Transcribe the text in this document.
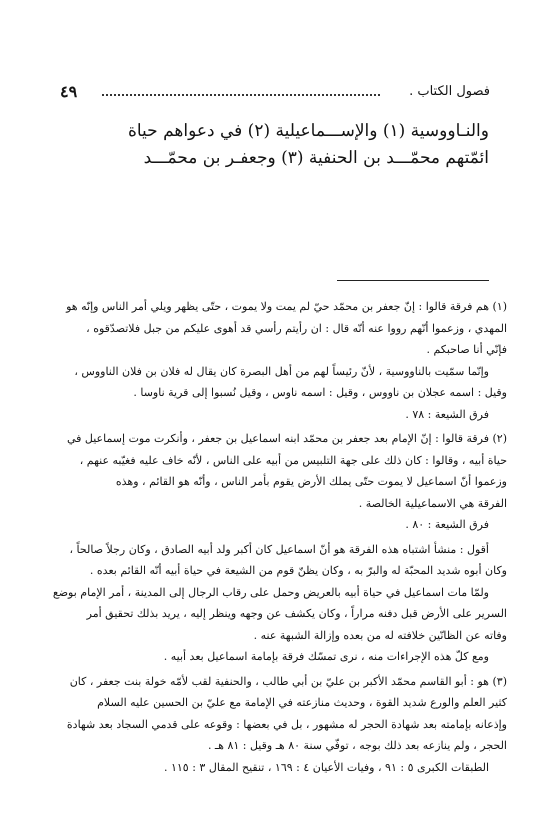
٤٩	فصول الكتاب .

والنـاووسية (١) والإســـماعيلية (٢) في دعواهم حياة

ائمّتهم محمّـــد بن الحنفية (٣) وجعفـر بن محمّـــد

(١) هم فرقة قالوا : إنّ جعفر بن محمّد حيّ لم يمت ولا يموت ، حتّى يظهر ويلي أمر الناس وإنّه هو

المهدي ، وزعموا أنّهم رووا عنه أنّه قال : ان رأيتم رأسي قد أهوى عليكم من جبل فلاتصدّقوه ،

فإنّي أنا صاحبكم .

وإنّما سمّيت بالناووسية ، لأنّ رئيساً لهم من أهل البصرة كان يقال له فلان بن فلان الناووس ،

وقيل : اسمه عجلان بن ناووس ، وقيل : اسمه ناوس ، وقيل نُسبوا إلى قرية ناوسا .

فرق الشيعة : ٧٨ .

(٢) فرقة قالوا : إنّ الإمام بعد جعفر بن محمّد ابنه اسماعيل بن جعفر ، وأنكرت موت إسماعيل في

حياة أبيه ، وقالوا : كان ذلك على جهة التلبيس من أبيه على الناس ، لأنّه خاف عليه فغيّبه عنهم ،

وزعموا أنّ اسماعيل لا يموت حتّى يملك الأرض يقوم بأمر الناس ، وأنّه هو القائم ، وهذه

الفرقة هي الاسماعيلية الخالصة .

فرق الشيعة : ٨٠ .

أقول : منشأ اشتباه هذه الفرقة هو أنّ اسماعيل كان أكبر ولد أبيه الصادق ، وكان رجلاً صالحاً ،

وكان أبوه شديد المحبّة له والبرّ به ، وكان يظنّ قوم من الشيعة في حياة أبيه أنّه القائم بعده .

ولمّا مات اسماعيل في حياة أبيه بالعريض وحمل على رقاب الرجال إلى المدينة ، أمر الإمام بوضع

السرير على الأرض قبل دفنه مراراً ، وكان يكشف عن وجهه وينظر إليه ، يريد بذلك تحقيق أمر

وفاته عن الظانّين خلافته له من بعده وإزالة الشبهة عنه .

ومع كلّ هذه الإجراءات منه ، نرى تمسّك فرقة بإمامة اسماعيل بعد أبيه .

(٣) هو : أبو القاسم محمّد الأكبر بن عليّ بن أبي طالب ، والحنفية لقب لأمّه خولة بنت جعفر ، كان

كثير العلم والورع شديد القوة ، وحديث منازعته في الإمامة مع عليّ بن الحسين عليه السلام

وإذعانه بإمامته بعد شهادة الحجر له مشهور ، بل في بعضها : وقوعه على قدمي السجاد بعد شهادة

الحجر ، ولم ينازعه بعد ذلك بوجه ، توفّي سنة ٨٠ هـ وقيل : ٨١ هـ .

الطبقات الكبرى ٥ : ٩١ ، وفيات الأعيان ٤ : ١٦٩ ، تنقيح المقال ٣ : ١١٥ .
